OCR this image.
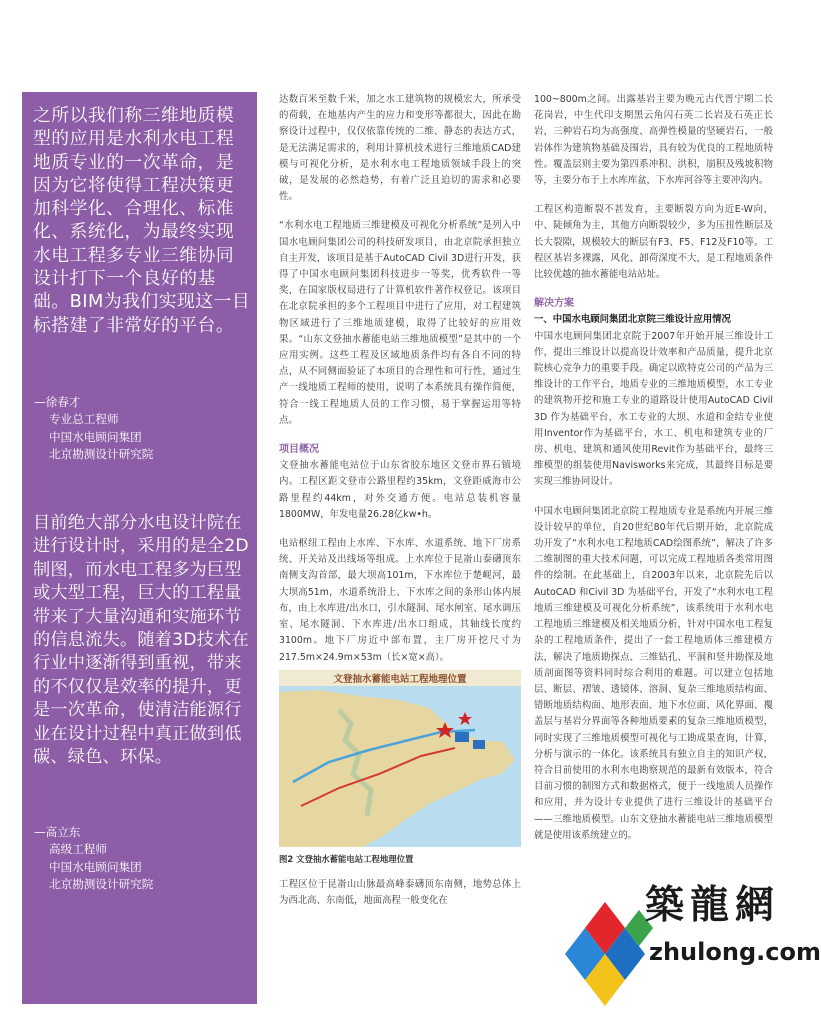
之所以我们称三维地质模型的应用是水利水电工程地质专业的一次革命，是因为它将使得工程决策更加科学化、合理化、标准化、系统化，为最终实现水电工程多专业三维协同设计打下一个良好的基础。BIM为我们实现这一目标搭建了非常好的平台。
—徐春才
专业总工程师
中国水电顾问集团
北京勘测设计研究院
目前绝大部分水电设计院在进行设计时，采用的是全2D制图，而水电工程多为巨型或大型工程，巨大的工程量带来了大量沟通和实施环节的信息流失。随着3D技术在行业中逐渐得到重视，带来的不仅仅是效率的提升，更是一次革命，使清洁能源行业在设计过程中真正做到低碳、绿色、环保。
—高立东
高级工程师
中国水电顾问集团
北京勘测设计研究院

达数百米至数千米，加之水工建筑物的规模宏大，所承受的荷载，在地基内产生的应力和变形等都很大，因此在勘察设计过程中，仅仅依靠传统的二维、静态的表达方式，是无法满足需求的，利用计算机技术进行三维地质CAD建模与可视化分析，是水利水电工程地质领域手段上的突破，是发展的必然趋势，有着广泛且迫切的需求和必要性。

“水利水电工程地质三维建模及可视化分析系统”是列入中国水电顾问集团公司的科技研发项目，由北京院承担独立自主开发，该项目是基于AutoCAD Civil 3D进行开发，获得了中国水电顾问集团科技进步一等奖，优秀软件一等奖，在国家版权局进行了计算机软件著作权登记。该项目在北京院承担的多个工程项目中进行了应用，对工程建筑物区域进行了三维地质建模，取得了比较好的应用效果。“山东文登抽水蓄能电站三维地质模型”是其中的一个应用实例。这些工程及区域地质条件均有各自不同的特点，从不同侧面验证了本项目的合理性和可行性，通过生产一线地质工程师的使用，说明了本系统具有操作简便，符合一线工程地质人员的工作习惯，易于掌握运用等特点。

项目概况

文登抽水蓄能电站位于山东省胶东地区文登市界石镇境内。工程区距文登市公路里程约35km，文登距威海市公路里程约44km，对外交通方便。电站总装机容量1800MW，年发电量26.28亿kw•h。

电站枢纽工程由上水库、下水库、水道系统、地下厂房系统、开关站及出线场等组成。上水库位于昆嵛山泰礴顶东南侧支沟首部，最大坝高101m，下水库位于楚岘河，最大坝高51m，水道系统沿上、下水库之间的条形山体内展布，由上水库进/出水口，引水隧洞、尾水闸室、尾水调压室、尾水隧洞、下水库进/出水口组成，其轴线长度约3100m。地下厂房近中部布置，主厂房开挖尺寸为217.5m×24.9m×53m（长×宽×高）。

文登抽水蓄能电站工程地理位置
图2 文登抽水蓄能电站工程地理位置

工程区位于昆嵛山山脉最高峰泰礴顶东南侧，地势总体上为西北高、东南低，地面高程一般变化在

100~800m之间。出露基岩主要为晚元古代晋宁期二长花岗岩，中生代印支期黑云角闪石英二长岩及石英正长岩，三种岩石均为高强度、高弹性模量的坚硬岩石，一般岩体作为建筑物基础及围岩，具有较为优良的工程地质特性。覆盖层则主要为第四系冲积、洪积，崩积及残坡积物等，主要分布于上水库库盆，下水库河谷等主要冲沟内。

工程区构造断裂不甚发育，主要断裂方向为近E-W向，中、陡倾角为主，其他方向断裂较少，多为压扭性断层及长大裂隙，规模较大的断层有F3、F5、F12及F10等。工程区基岩多裸露，风化、卸荷深度不大，是工程地质条件比较优越的抽水蓄能电站站址。

解决方案
一、中国水电顾问集团北京院三维设计应用情况

中国水电顾问集团北京院于2007年开始开展三维设计工作，提出三维设计以提高设计效率和产品质量，提升北京院核心竞争力的重要手段。确定以欧特克公司的产品为三维设计的工作平台，地质专业的三维地质模型，水工专业的建筑物开挖和施工专业的道路设计使用AutoCAD Civil 3D 作为基础平台，水工专业的大坝、水道和金结专业使用Inventor作为基础平台，水工、机电和建筑专业的厂房、机电、建筑和通风使用Revit作为基础平台，最终三维模型的组装使用Navisworks来完成，其最终目标是要实现三维协同设计。

中国水电顾问集团北京院工程地质专业是系统内开展三维设计较早的单位，自20世纪80年代后期开始，北京院成功开发了“水利水电工程地质CAD绘图系统”，解决了许多二维制图的重大技术问题，可以完成工程地质各类常用图件的绘制。在此基础上，自2003年以来，北京院先后以AutoCAD 和Civil 3D 为基础平台，开发了“水利水电工程地质三维建模及可视化分析系统”，该系统用于水利水电工程地质三维建模及相关地质分析，针对中国水电工程复杂的工程地质条件，提出了一套工程地质体三维建模方法，解决了地质勘探点、三维钻孔、平洞和竖井勘探及地质剖面图等资料同时综合利用的难题。可以建立包括地层、断层、褶皱、透镜体、溶洞、复杂三维地质结构面、错断地质结构面、地形表面、地下水位面、风化界面、覆盖层与基岩分界面等各种地质要素的复杂三维地质模型，同时实现了三维地质模型可视化与工勘成果查询，计算，分析与演示的一体化。该系统具有独立自主的知识产权，符合目前使用的水利水电勘察规范的最新有效版本，符合目前习惯的制图方式和数据格式，便于一线地质人员操作和应用，并为设计专业提供了进行三维设计的基础平台——三维地质模型。山东文登抽水蓄能电站三维地质模型就是使用该系统建立的。

築龍網
zhulong.com
